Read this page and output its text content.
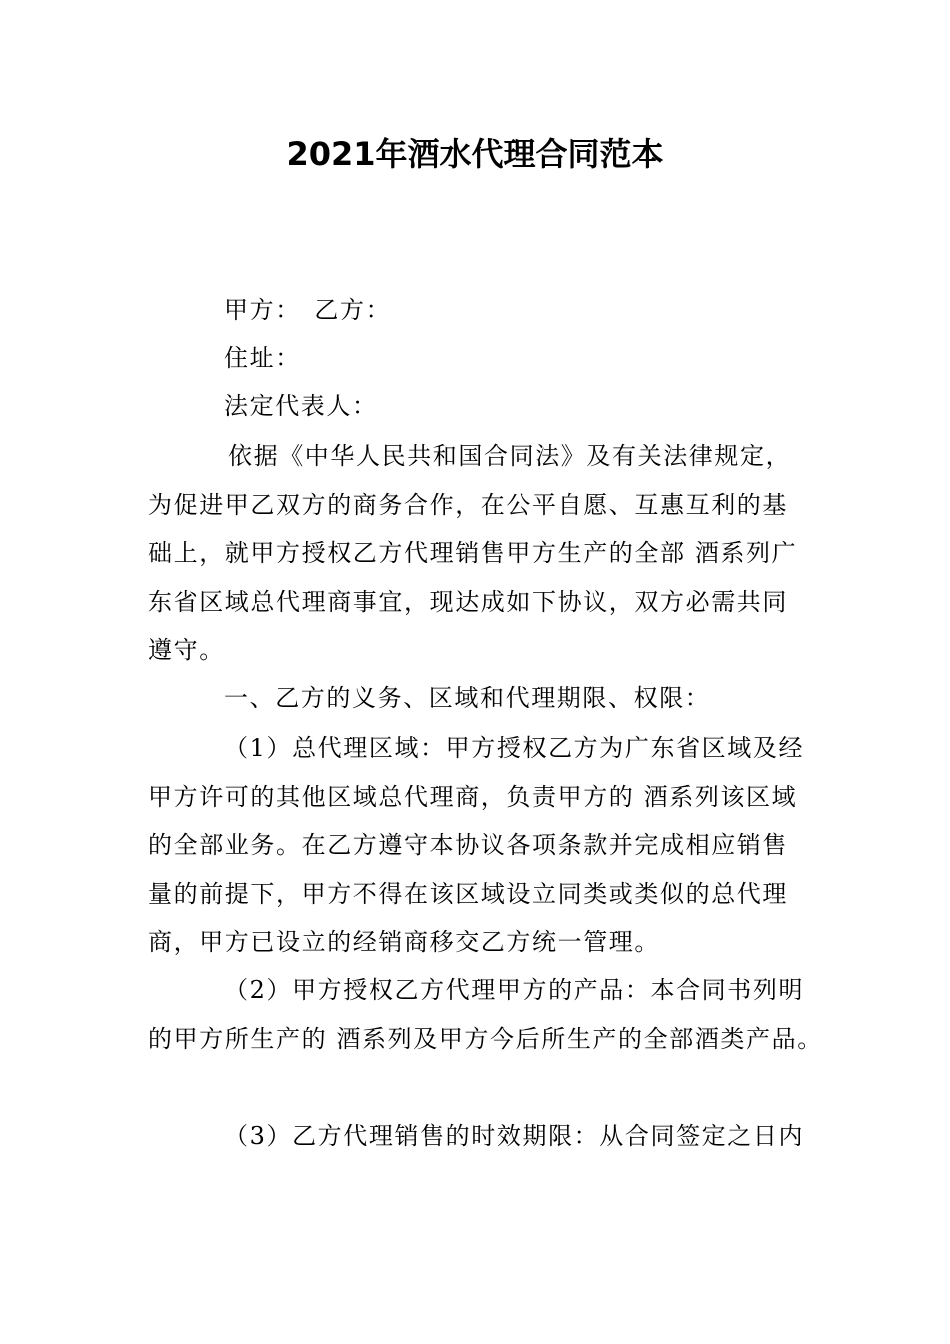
2021年酒水代理合同范本
甲方：　乙方：
住址：
法定代表人：
依据《中华人民共和国合同法》及有关法律规定，
为促进甲乙双方的商务合作，在公平自愿、互惠互利的基
础上，就甲方授权乙方代理销售甲方生产的全部 酒系列广
东省区域总代理商事宜，现达成如下协议，双方必需共同
遵守。
一、乙方的义务、区域和代理期限、权限：
（1）总代理区域：甲方授权乙方为广东省区域及经
甲方许可的其他区域总代理商，负责甲方的 酒系列该区域
的全部业务。在乙方遵守本协议各项条款并完成相应销售
量的前提下，甲方不得在该区域设立同类或类似的总代理
商，甲方已设立的经销商移交乙方统一管理。
（2）甲方授权乙方代理甲方的产品：本合同书列明
的甲方所生产的 酒系列及甲方今后所生产的全部酒类产品。
（3）乙方代理销售的时效期限：从合同签定之日内
